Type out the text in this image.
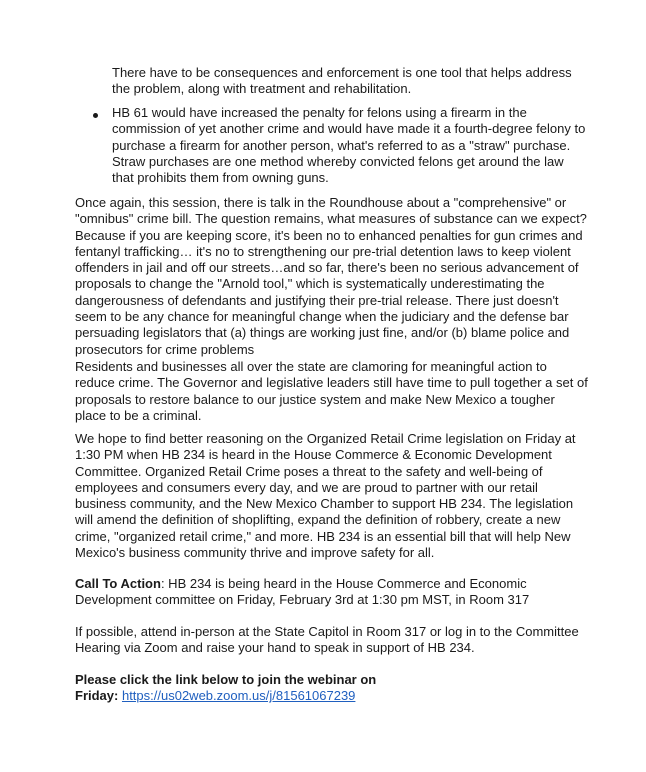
There have to be consequences and enforcement is one tool that helps address the problem, along with treatment and rehabilitation.

HB 61 would have increased the penalty for felons using a firearm in the commission of yet another crime and would have made it a fourth-degree felony to purchase a firearm for another person, what's referred to as a "straw" purchase. Straw purchases are one method whereby convicted felons get around the law that prohibits them from owning guns.

Once again, this session, there is talk in the Roundhouse about a "comprehensive" or "omnibus" crime bill. The question remains, what measures of substance can we expect? Because if you are keeping score, it's been no to enhanced penalties for gun crimes and fentanyl trafficking… it's no to strengthening our pre-trial detention laws to keep violent offenders in jail and off our streets…and so far, there's been no serious advancement of proposals to change the "Arnold tool," which is systematically underestimating the dangerousness of defendants and justifying their pre-trial release. There just doesn't seem to be any chance for meaningful change when the judiciary and the defense bar persuading legislators that (a) things are working just fine, and/or (b) blame police and prosecutors for crime problems

Residents and businesses all over the state are clamoring for meaningful action to reduce crime. The Governor and legislative leaders still have time to pull together a set of proposals to restore balance to our justice system and make New Mexico a tougher place to be a criminal.

We hope to find better reasoning on the Organized Retail Crime legislation on Friday at 1:30 PM when HB 234 is heard in the House Commerce & Economic Development Committee. Organized Retail Crime poses a threat to the safety and well-being of employees and consumers every day, and we are proud to partner with our retail business community, and the New Mexico Chamber to support HB 234. The legislation will amend the definition of shoplifting, expand the definition of robbery, create a new crime, "organized retail crime," and more. HB 234 is an essential bill that will help New Mexico's business community thrive and improve safety for all.

Call To Action: HB 234 is being heard in the House Commerce and Economic Development committee on Friday, February 3rd at 1:30 pm MST, in Room 317

If possible, attend in-person at the State Capitol in Room 317 or log in to the Committee Hearing via Zoom and raise your hand to speak in support of HB 234.

Please click the link below to join the webinar on
Friday: https://us02web.zoom.us/j/81561067239
